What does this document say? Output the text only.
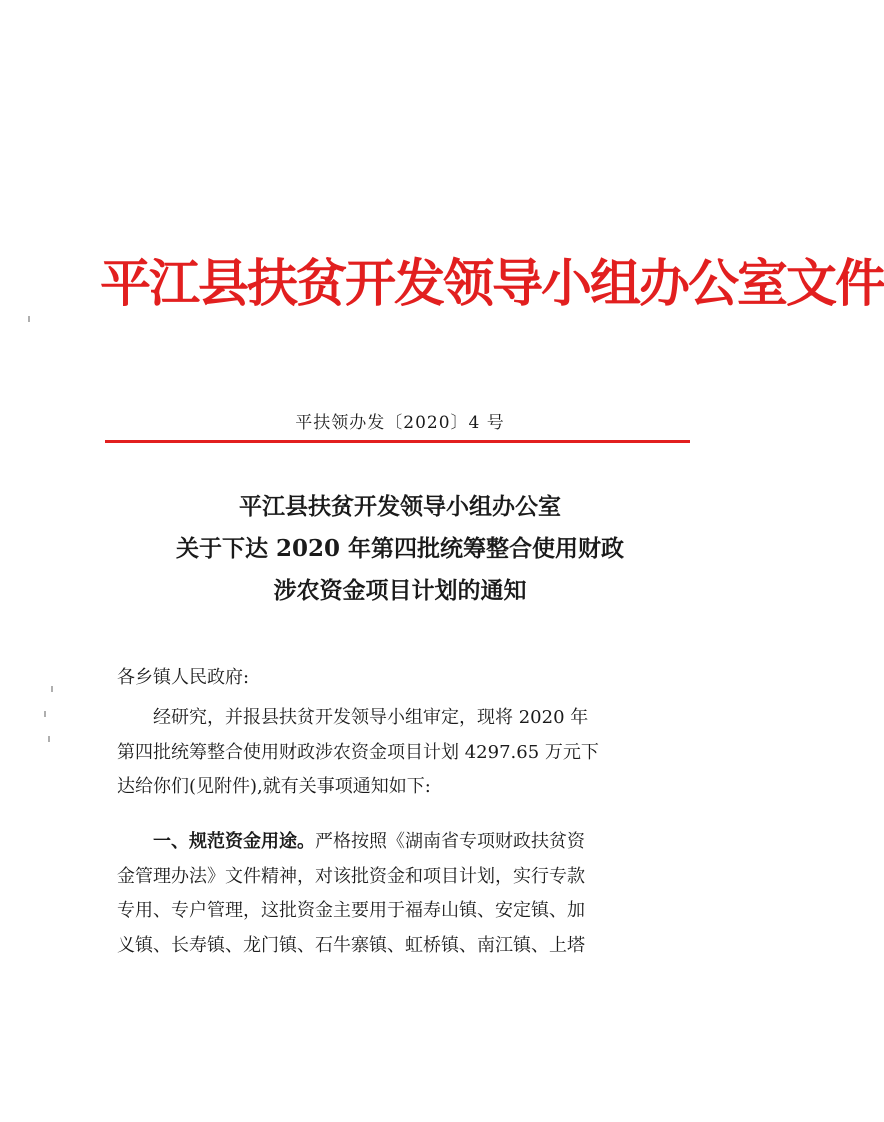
平江县扶贫开发领导小组办公室文件
平扶领办发〔2020〕4 号
平江县扶贫开发领导小组办公室
关于下达 2020 年第四批统筹整合使用财政
涉农资金项目计划的通知
各乡镇人民政府:
经研究，并报县扶贫开发领导小组审定，现将 2020 年
第四批统筹整合使用财政涉农资金项目计划 4297.65 万元下
达给你们(见附件),就有关事项通知如下:
一、规范资金用途。严格按照《湖南省专项财政扶贫资
金管理办法》文件精神，对该批资金和项目计划，实行专款
专用、专户管理，这批资金主要用于福寿山镇、安定镇、加
义镇、长寿镇、龙门镇、石牛寨镇、虹桥镇、南江镇、上塔
